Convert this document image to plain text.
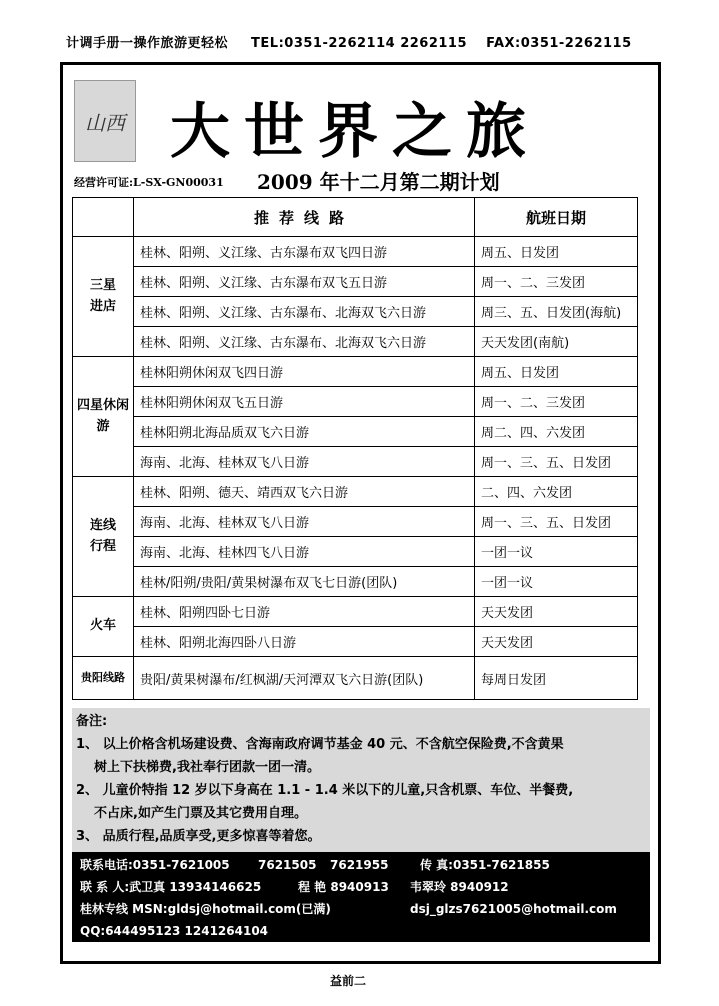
计调手册一操作旅游更轻松 TEL:0351-2262114 2262115 FAX:0351-2262115
山西 大世界之旅
经营许可证:L-SX-GN00031 2009 年十二月第二期计划
	推荐线路	航班日期
三星进店	桂林、阳朔、义江缘、古东瀑布双飞四日游	周五、日发团
	桂林、阳朔、义江缘、古东瀑布双飞五日游	周一、二、三发团
	桂林、阳朔、义江缘、古东瀑布、北海双飞六日游	周三、五、日发团(海航)
	桂林、阳朔、义江缘、古东瀑布、北海双飞六日游	天天发团(南航)
四星休闲游	桂林阳朔休闲双飞四日游	周五、日发团
	桂林阳朔休闲双飞五日游	周一、二、三发团
	桂林阳朔北海品质双飞六日游	周二、四、六发团
	海南、北海、桂林双飞八日游	周一、三、五、日发团
连线行程	桂林、阳朔、德天、靖西双飞六日游	二、四、六发团
	海南、北海、桂林双飞八日游	周一、三、五、日发团
	海南、北海、桂林四飞八日游	一团一议
	桂林/阳朔/贵阳/黄果树瀑布双飞七日游(团队)	一团一议
火车	桂林、阳朔四卧七日游	天天发团
	桂林、阳朔北海四卧八日游	天天发团
贵阳线路	贵阳/黄果树瀑布/红枫湖/天河潭双飞六日游(团队)	每周日发团

备注:

1、 以上价格含机场建设费、含海南政府调节基金 40 元、不含航空保险费,不含黄果

树上下扶梯费,我社奉行团款一团一清。

2、 儿童价特指 12 岁以下身高在 1.1 - 1.4 米以下的儿童,只含机票、车位、半餐费,

不占床,如产生门票及其它费用自理。

3、 品质行程,品质享受,更多惊喜等着您。

联系电话:0351-7621005 7621505 7621955	传 真:0351-7621855
联 系 人:武卫真 13934146625	程 艳 8940913 韦翠玲 8940912
桂林专线 MSN:gldsj@hotmail.com(已满)	dsj_glzs7621005@hotmail.com
QQ:644495123 1241264104
益前二
